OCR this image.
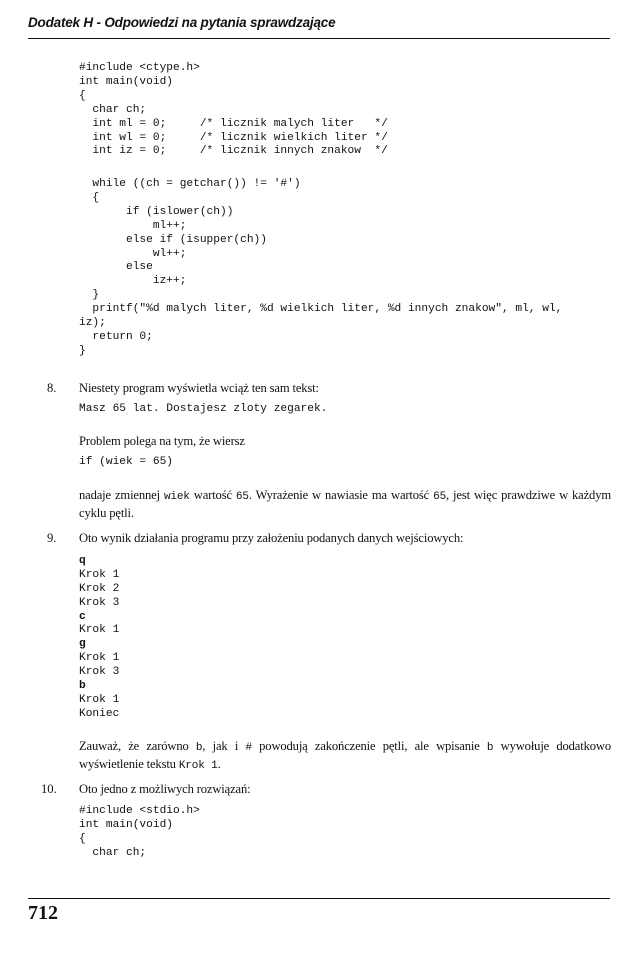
Dodatek H - Odpowiedzi na pytania sprawdzające
#include <ctype.h>
int main(void)
{
char ch;
int ml = 0;     /* licznik malych liter   */
int wl = 0;     /* licznik wielkich liter */
int iz = 0;     /* licznik innych znakow  */
while ((ch = getchar()) != '#')
{
if (islower(ch))
ml++;
else if (isupper(ch))
wl++;
else
iz++;
}
printf("%d malych liter, %d wielkich liter, %d innych znakow", ml, wl,
iz);
return 0;
}
8. Niestety program wyświetla wciąż ten sam tekst:
Masz 65 lat. Dostajesz zloty zegarek.
Problem polega na tym, że wiersz
if (wiek = 65)
nadaje zmiennej wiek wartość 65. Wyrażenie w nawiasie ma wartość 65, jest więc prawdziwe w każdym cyklu pętli.
9. Oto wynik działania programu przy założeniu podanych danych wejściowych:
q
Krok 1
Krok 2
Krok 3
c
Krok 1
g
Krok 1
Krok 3
b
Krok 1
Koniec
Zauważ, że zarówno b, jak i # powodują zakończenie pętli, ale wpisanie b wywołuje dodatkowo wyświetlenie tekstu Krok 1.
10. Oto jedno z możliwych rozwiązań:
#include <stdio.h>
int main(void)
{
char ch;
712
